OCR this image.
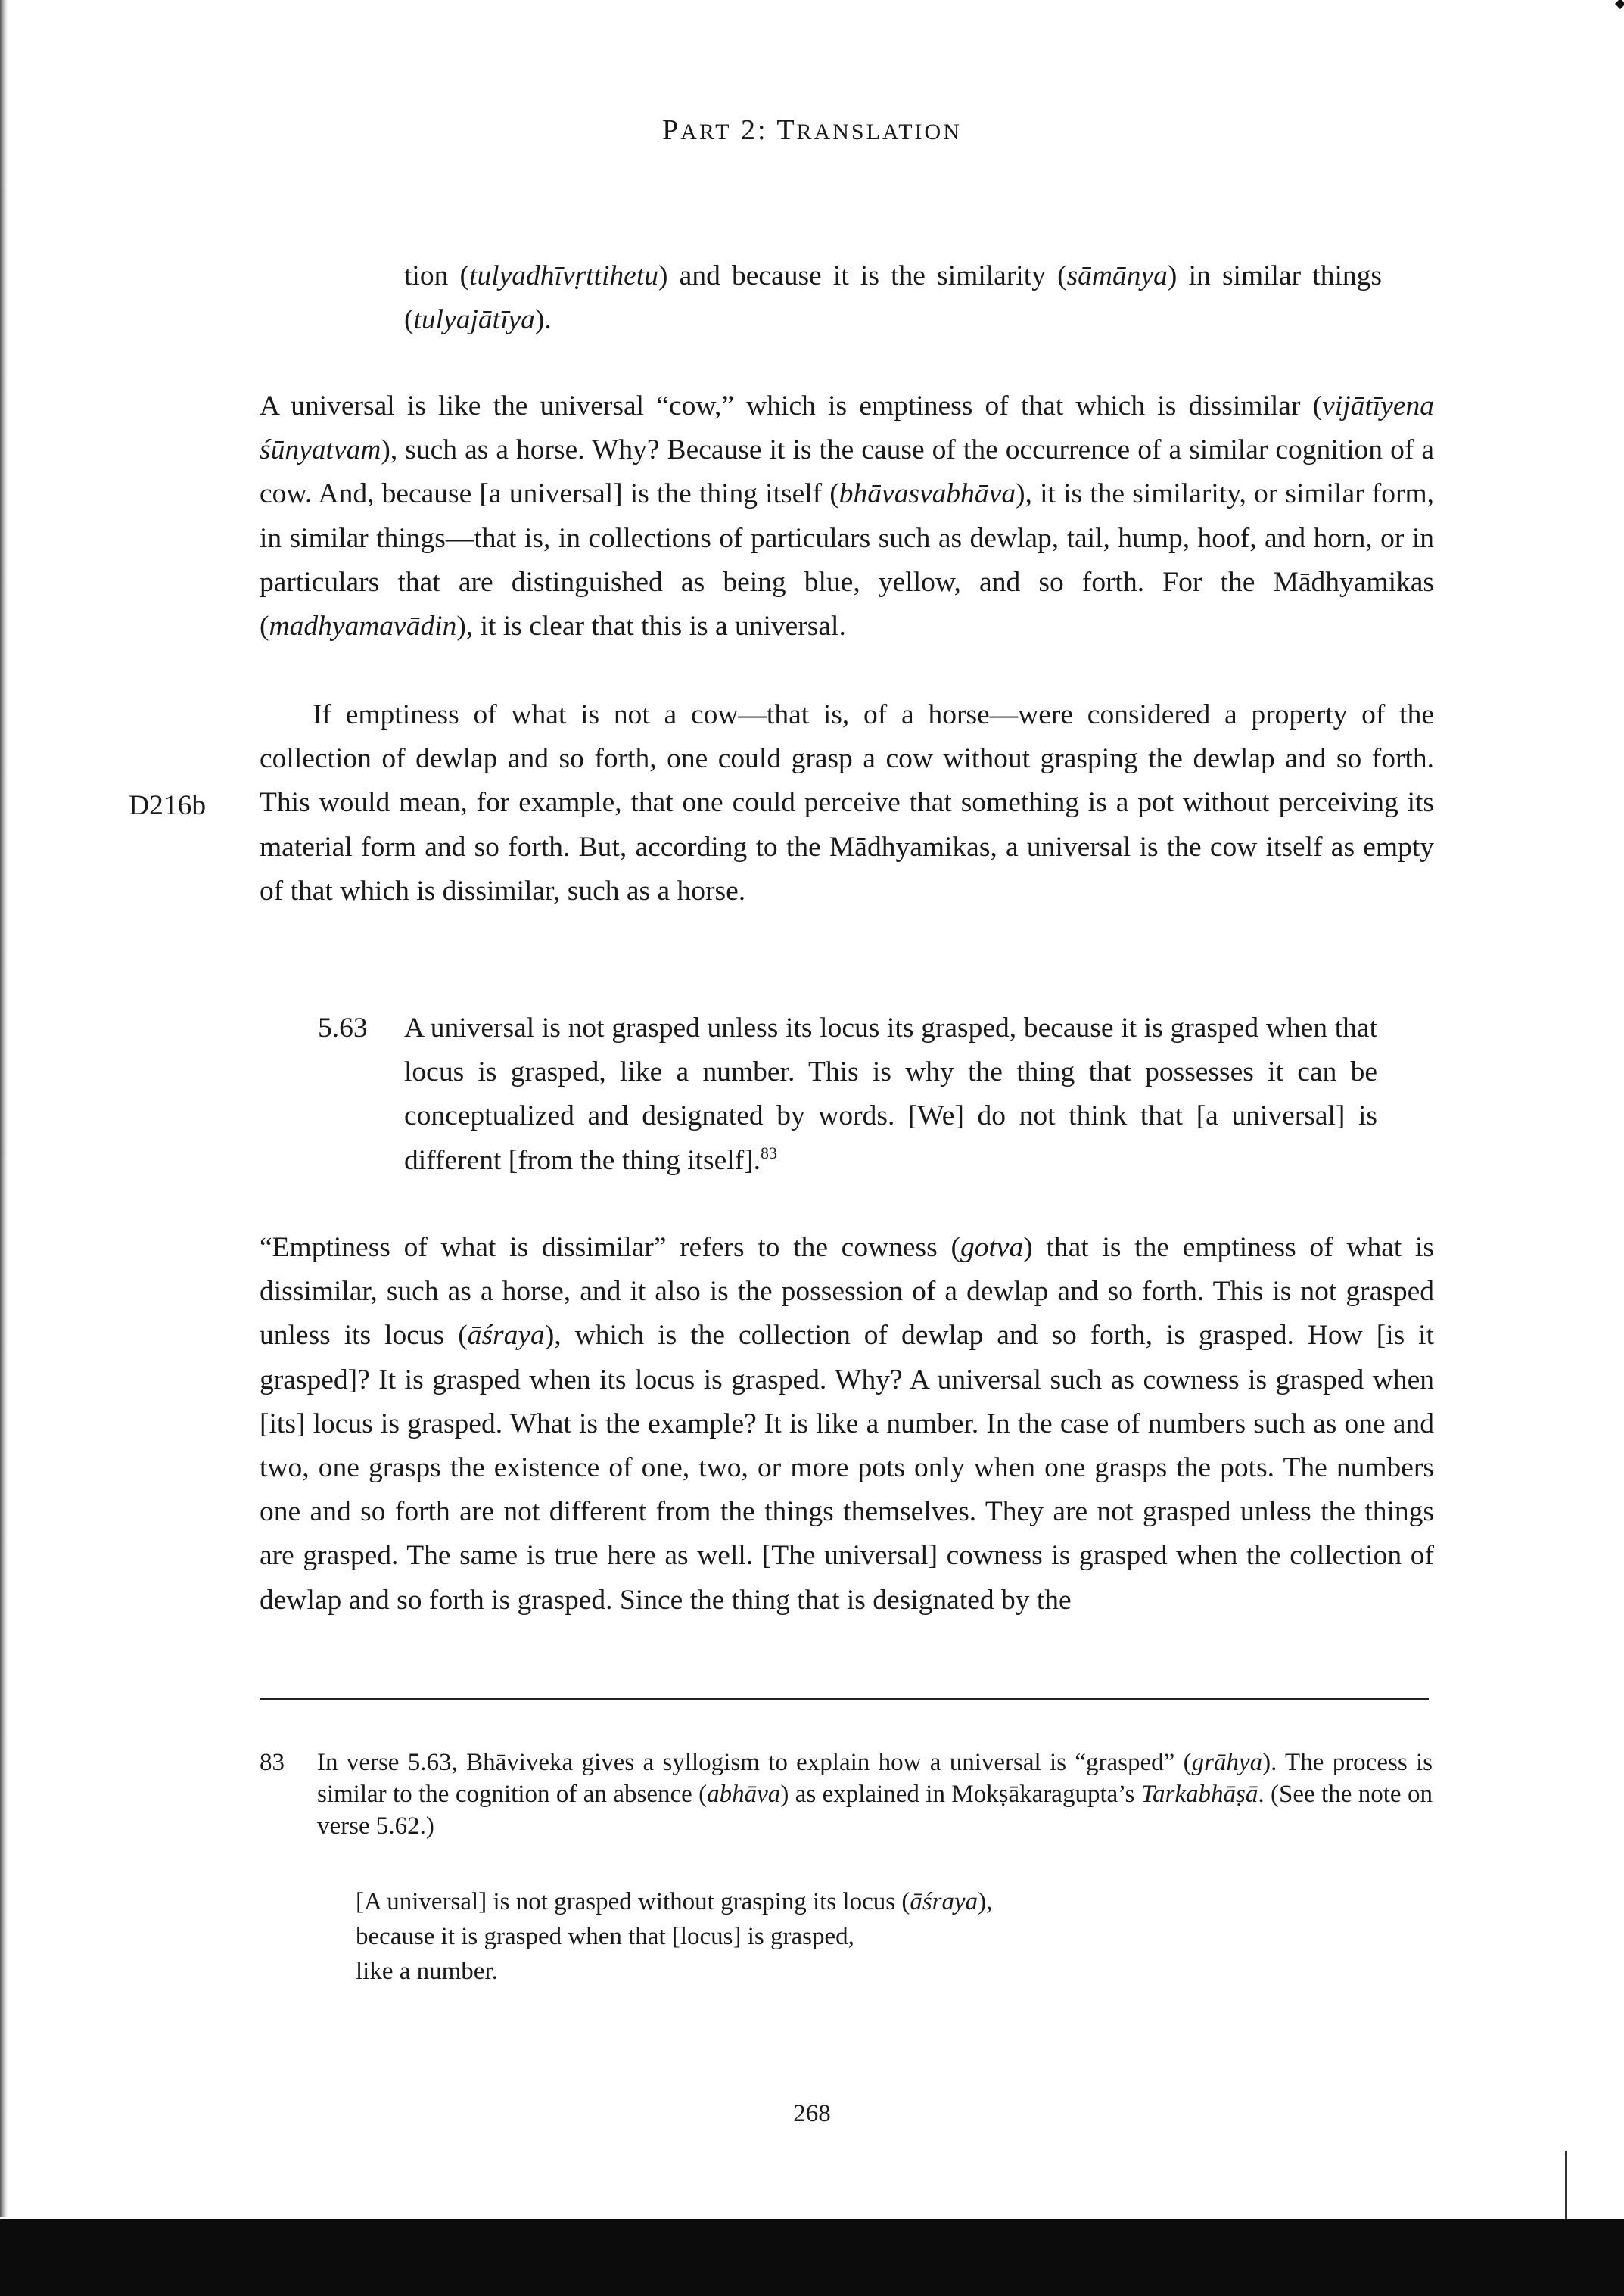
PART 2: TRANSLATION
tion (tulyadhīvṛttihetu) and because it is the similarity (sāmānya) in similar things (tulyajātīya).
A universal is like the universal “cow,” which is emptiness of that which is dissimilar (vijātīyena śūnyatvam), such as a horse. Why? Because it is the cause of the occurrence of a similar cognition of a cow. And, because [a universal] is the thing itself (bhāvasvabhāva), it is the similarity, or similar form, in similar things—that is, in collections of particulars such as dewlap, tail, hump, hoof, and horn, or in particulars that are distinguished as being blue, yellow, and so forth. For the Mādhyamikas (madhyamavādin), it is clear that this is a universal.
D216b
If emptiness of what is not a cow—that is, of a horse—were considered a property of the collection of dewlap and so forth, one could grasp a cow without grasping the dewlap and so forth. This would mean, for example, that one could perceive that something is a pot without perceiving its material form and so forth. But, according to the Mādhyamikas, a universal is the cow itself as empty of that which is dissimilar, such as a horse.
5.63 A universal is not grasped unless its locus its grasped, because it is grasped when that locus is grasped, like a number. This is why the thing that possesses it can be conceptualized and designated by words. [We] do not think that [a universal] is different [from the thing itself].$^{83}$
“Emptiness of what is dissimilar” refers to the cowness (gotva) that is the emptiness of what is dissimilar, such as a horse, and it also is the possession of a dewlap and so forth. This is not grasped unless its locus (āśraya), which is the collection of dewlap and so forth, is grasped. How [is it grasped]? It is grasped when its locus is grasped. Why? A universal such as cowness is grasped when [its] locus is grasped. What is the example? It is like a number. In the case of numbers such as one and two, one grasps the existence of one, two, or more pots only when one grasps the pots. The numbers one and so forth are not different from the things themselves. They are not grasped unless the things are grasped. The same is true here as well. [The universal] cowness is grasped when the collection of dewlap and so forth is grasped. Since the thing that is designated by the
83 In verse 5.63, Bhāviveka gives a syllogism to explain how a universal is “grasped” (grāhya). The process is similar to the cognition of an absence (abhāva) as explained in Mokṣākaragupta’s Tarkabhāṣā. (See the note on verse 5.62.)
[A universal] is not grasped without grasping its locus (āśraya),
because it is grasped when that [locus] is grasped,
like a number.
268
